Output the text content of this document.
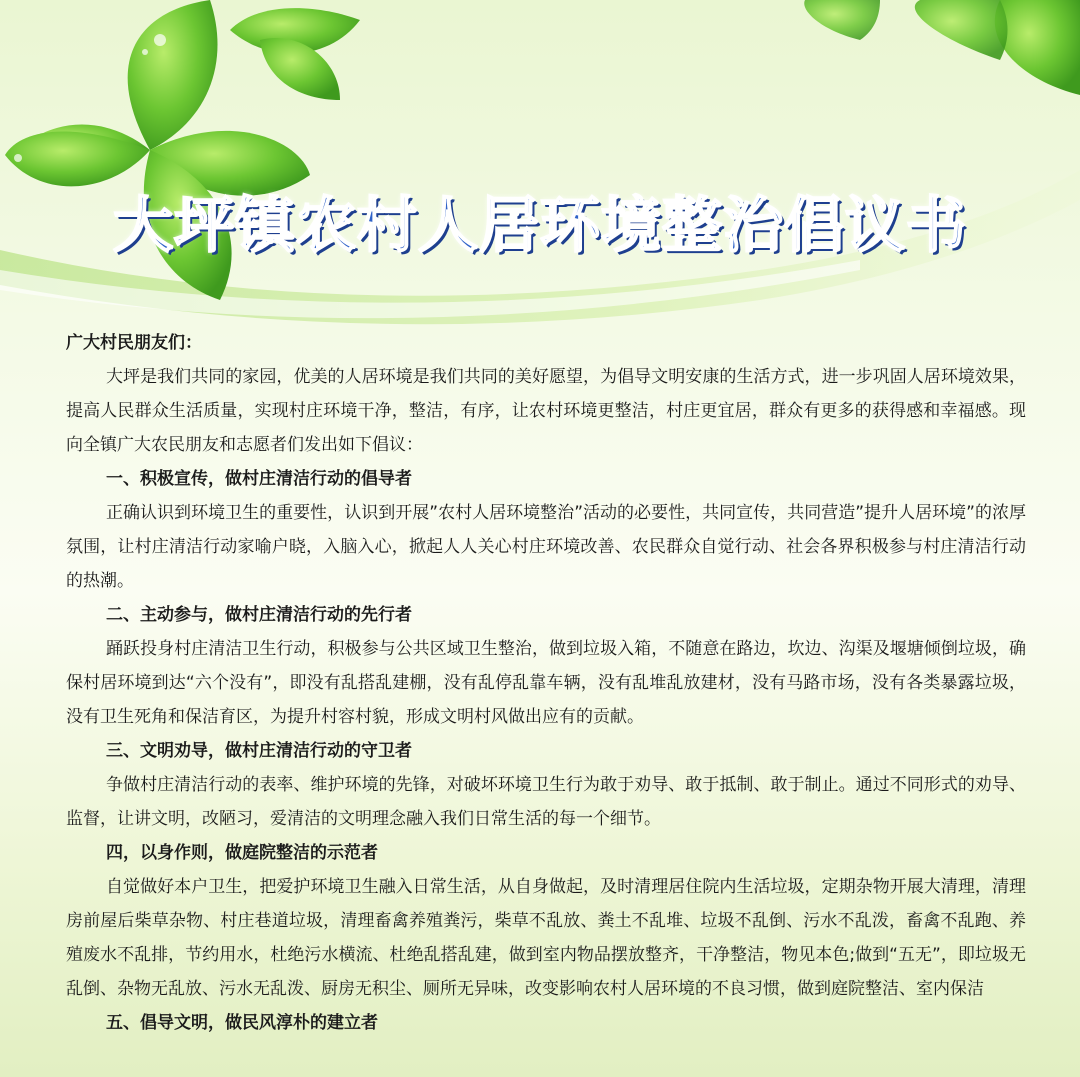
大坪镇农村人居环境整治倡议书
广大村民朋友们：
大坪是我们共同的家园，优美的人居环境是我们共同的美好愿望，为倡导文明安康的生活方式，进一步巩固人居环境效果，提高人民群众生活质量，实现村庄环境干净，整洁，有序，让农村环境更整洁，村庄更宜居，群众有更多的获得感和幸福感。现向全镇广大农民朋友和志愿者们发出如下倡议：
一、积极宣传，做村庄清洁行动的倡导者
正确认识到环境卫生的重要性，认识到开展”农村人居环境整治”活动的必要性，共同宣传，共同营造”提升人居环境”的浓厚氛围，让村庄清洁行动家喻户晓，入脑入心，掀起人人关心村庄环境改善、农民群众自觉行动、社会各界积极参与村庄清洁行动的热潮。
二、主动参与，做村庄清洁行动的先行者
踊跃投身村庄清洁卫生行动，积极参与公共区域卫生整治，做到垃圾入箱，不随意在路边，坎边、沟渠及堰塘倾倒垃圾，确保村居环境到达“六个没有”，即没有乱搭乱建棚，没有乱停乱靠车辆，没有乱堆乱放建材，没有马路市场，没有各类暴露垃圾，没有卫生死角和保洁育区，为提升村容村貌，形成文明村风做出应有的贡献。
三、文明劝导，做村庄清洁行动的守卫者
争做村庄清洁行动的表率、维护环境的先锋，对破坏环境卫生行为敢于劝导、敢于抵制、敢于制止。通过不同形式的劝导、监督，让讲文明，改陋习，爱清洁的文明理念融入我们日常生活的每一个细节。
四，以身作则，做庭院整洁的示范者
自觉做好本户卫生，把爱护环境卫生融入日常生活，从自身做起，及时清理居住院内生活垃圾，定期杂物开展大清理，清理房前屋后柴草杂物、村庄巷道垃圾，清理畜禽养殖粪污，柴草不乱放、粪土不乱堆、垃圾不乱倒、污水不乱泼，畜禽不乱跑、养殖废水不乱排，节约用水，杜绝污水横流、杜绝乱搭乱建，做到室内物品摆放整齐，干净整洁，物见本色;做到“五无”，即垃圾无乱倒、杂物无乱放、污水无乱泼、厨房无积尘、厕所无异味，改变影响农村人居环境的不良习惯，做到庭院整洁、室内保洁
五、倡导文明，做民风淳朴的建立者
